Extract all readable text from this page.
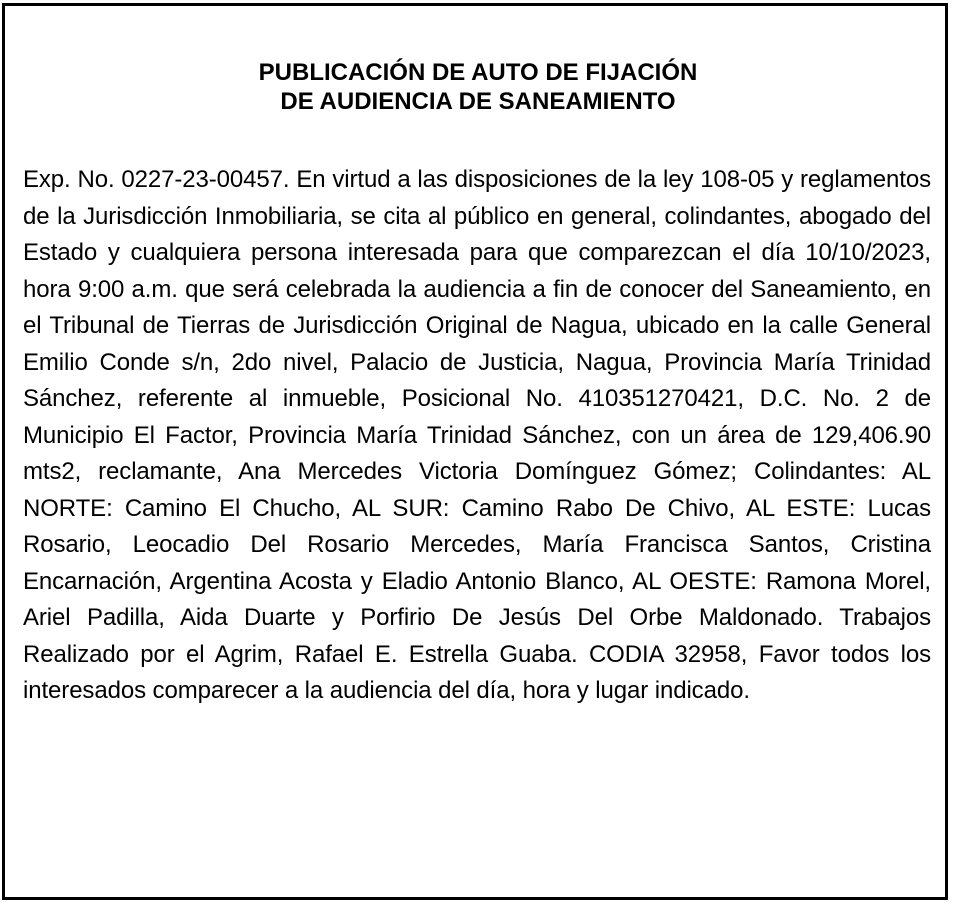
PUBLICACIÓN DE AUTO DE FIJACIÓN
DE AUDIENCIA DE SANEAMIENTO

Exp. No. 0227-23-00457. En virtud a las disposiciones de la ley 108-05 y reglamentos de la Jurisdicción Inmobiliaria, se cita al público en general, colindantes, abogado del Estado y cualquiera persona interesada para que comparezcan el día 10/10/2023, hora 9:00 a.m. que será celebrada la audiencia a fin de conocer del Saneamiento, en el Tribunal de Tierras de Jurisdicción Original de Nagua, ubicado en la calle General Emilio Conde s/n, 2do nivel, Palacio de Justicia, Nagua, Provincia María Trinidad Sánchez, referente al inmueble, Posicional No. 410351270421, D.C. No. 2 de Municipio El Factor, Provincia María Trinidad Sánchez, con un área de 129,406.90 mts2, reclamante, Ana Mercedes Victoria Domínguez Gómez; Colindantes: AL NORTE: Camino El Chucho, AL SUR: Camino Rabo De Chivo, AL ESTE: Lucas Rosario, Leocadio Del Rosario Mercedes, María Francisca Santos, Cristina Encarnación, Argentina Acosta y Eladio Antonio Blanco, AL OESTE: Ramona Morel, Ariel Padilla, Aida Duarte y Porfirio De Jesús Del Orbe Maldonado. Trabajos Realizado por el Agrim, Rafael E. Estrella Guaba. CODIA 32958, Favor todos los interesados comparecer a la audiencia del día, hora y lugar indicado.
